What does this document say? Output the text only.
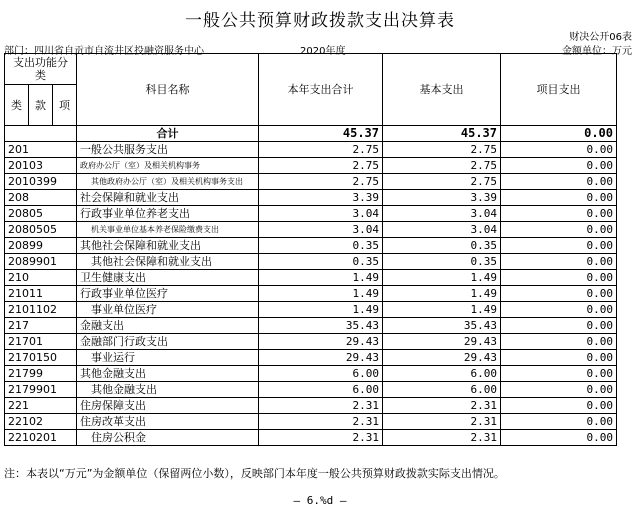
一般公共预算财政拨款支出决算表
财决公开06表
部门：四川省自贡市自流井区投融资服务中心	2020年度	金额单位：万元
支出功能分类			科目名称	本年支出合计	基本支出	项目支出
类	款	项				
			合计	45.37	45.37	0.00
201			一般公共服务支出	2.75	2.75	0.00
20103			政府办公厅（室）及相关机构事务	2.75	2.75	0.00
2010399			其他政府办公厅（室）及相关机构事务支出	2.75	2.75	0.00
208			社会保障和就业支出	3.39	3.39	0.00
20805			行政事业单位养老支出	3.04	3.04	0.00
2080505			机关事业单位基本养老保险缴费支出	3.04	3.04	0.00
20899			其他社会保障和就业支出	0.35	0.35	0.00
2089901			其他社会保障和就业支出	0.35	0.35	0.00
210			卫生健康支出	1.49	1.49	0.00
21011			行政事业单位医疗	1.49	1.49	0.00
2101102			事业单位医疗	1.49	1.49	0.00
217			金融支出	35.43	35.43	0.00
21701			金融部门行政支出	29.43	29.43	0.00
2170150			事业运行	29.43	29.43	0.00
21799			其他金融支出	6.00	6.00	0.00
2179901			其他金融支出	6.00	6.00	0.00
221			住房保障支出	2.31	2.31	0.00
22102			住房改革支出	2.31	2.31	0.00
2210201			住房公积金	2.31	2.31	0.00
注：本表以“万元”为金额单位（保留两位小数），反映部门本年度一般公共预算财政拨款实际支出情况。
— 6.%d —
